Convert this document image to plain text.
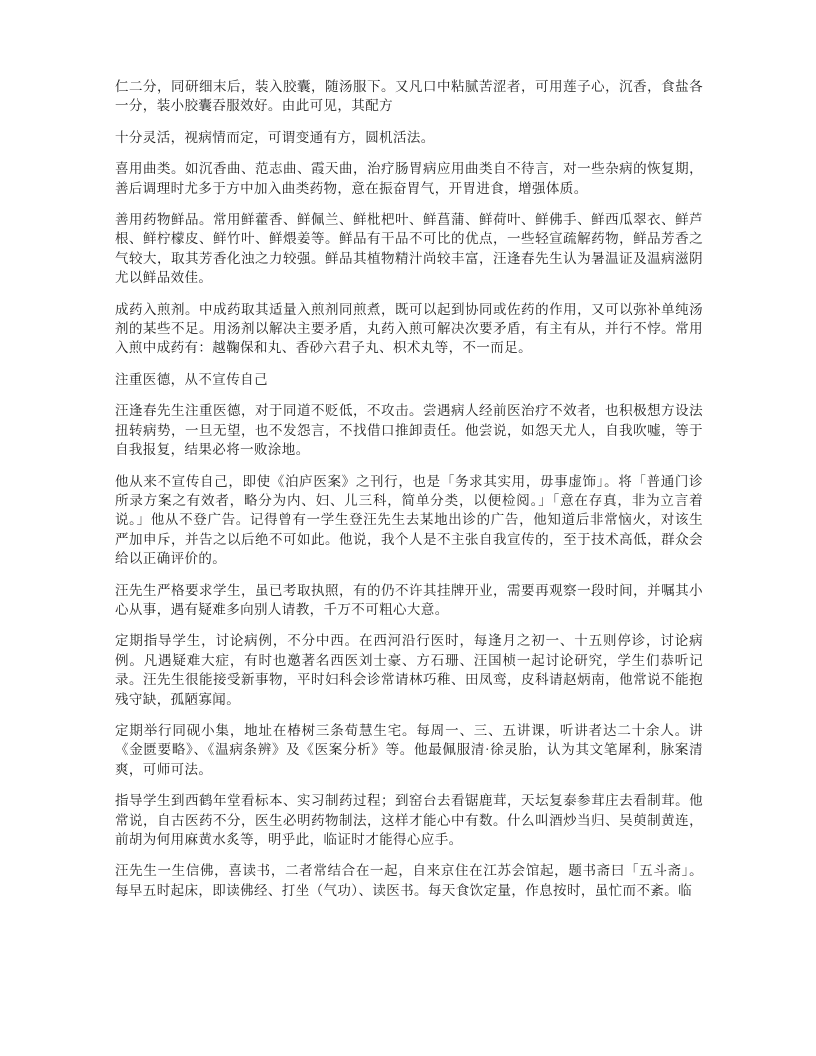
仁二分，同研细末后，装入胶囊，随汤服下。又凡口中粘腻苦涩者，可用莲子心，沉香，食盐各一分，装小胶囊吞服效好。由此可见，其配方

十分灵活，视病情而定，可谓变通有方，圆机活法。

喜用曲类。如沉香曲、范志曲、霞天曲，治疗肠胃病应用曲类自不待言，对一些杂病的恢复期，善后调理时尤多于方中加入曲类药物，意在振奋胃气，开胃进食，增强体质。

善用药物鲜品。常用鲜藿香、鲜佩兰、鲜枇杷叶、鲜菖蒲、鲜荷叶、鲜佛手、鲜西瓜翠衣、鲜芦根、鲜柠檬皮、鲜竹叶、鲜煨姜等。鲜品有干品不可比的优点，一些轻宣疏解药物，鲜品芳香之气较大，取其芳香化浊之力较强。鲜品其植物精汁尚较丰富，汪逢春先生认为暑温证及温病滋阴尤以鲜品效佳。

成药入煎剂。中成药取其适量入煎剂同煎煮，既可以起到协同或佐药的作用，又可以弥补单纯汤剂的某些不足。用汤剂以解决主要矛盾，丸药入煎可解决次要矛盾，有主有从，并行不悖。常用入煎中成药有：越鞠保和丸、香砂六君子丸、枳术丸等，不一而足。

注重医德，从不宣传自己

汪逢春先生注重医德，对于同道不贬低，不攻击。尝遇病人经前医治疗不效者，也积极想方设法扭转病势，一旦无望，也不发怨言，不找借口推卸责任。他尝说，如怨天尤人，自我吹嘘，等于自我报复，结果必将一败涂地。

他从来不宣传自己，即使《泊庐医案》之刊行，也是「务求其实用，毋事虚饰」。将「普通门诊所录方案之有效者，略分为内、妇、儿三科，简单分类，以便检阅。」「意在存真，非为立言着说。」他从不登广告。记得曾有一学生登汪先生去某地出诊的广告，他知道后非常恼火，对该生严加申斥，并告之以后绝不可如此。他说，我个人是不主张自我宣传的，至于技术高低，群众会给以正确评价的。

汪先生严格要求学生，虽已考取执照，有的仍不许其挂牌开业，需要再观察一段时间，并嘱其小心从事，遇有疑难多向别人请教，千万不可粗心大意。

定期指导学生，讨论病例，不分中西。在西河沿行医时，每逢月之初一、十五则停诊，讨论病例。凡遇疑难大症，有时也邀著名西医刘士豪、方石珊、汪国桢一起讨论研究，学生们恭听记录。汪先生很能接受新事物，平时妇科会诊常请林巧稚、田凤鸾，皮科请赵炳南，他常说不能抱残守缺，孤陋寡闻。

定期举行同砚小集，地址在椿树三条荀慧生宅。每周一、三、五讲课，听讲者达二十余人。讲《金匮要略》、《温病条辨》及《医案分析》等。他最佩服清·徐灵胎，认为其文笔犀利，脉案清爽，可师可法。

指导学生到西鹤年堂看标本、实习制药过程；到窑台去看锯鹿茸，天坛复泰参茸庄去看制茸。他常说，自古医药不分，医生必明药物制法，这样才能心中有数。什么叫酒炒当归、吴萸制黄连，前胡为何用麻黄水炙等，明乎此，临证时才能得心应手。

汪先生一生信佛，喜读书，二者常结合在一起，自来京住在江苏会馆起，题书斋曰「五斗斋」。每早五时起床，即读佛经、打坐（气功）、读医书。每天食饮定量，作息按时，虽忙而不紊。临
